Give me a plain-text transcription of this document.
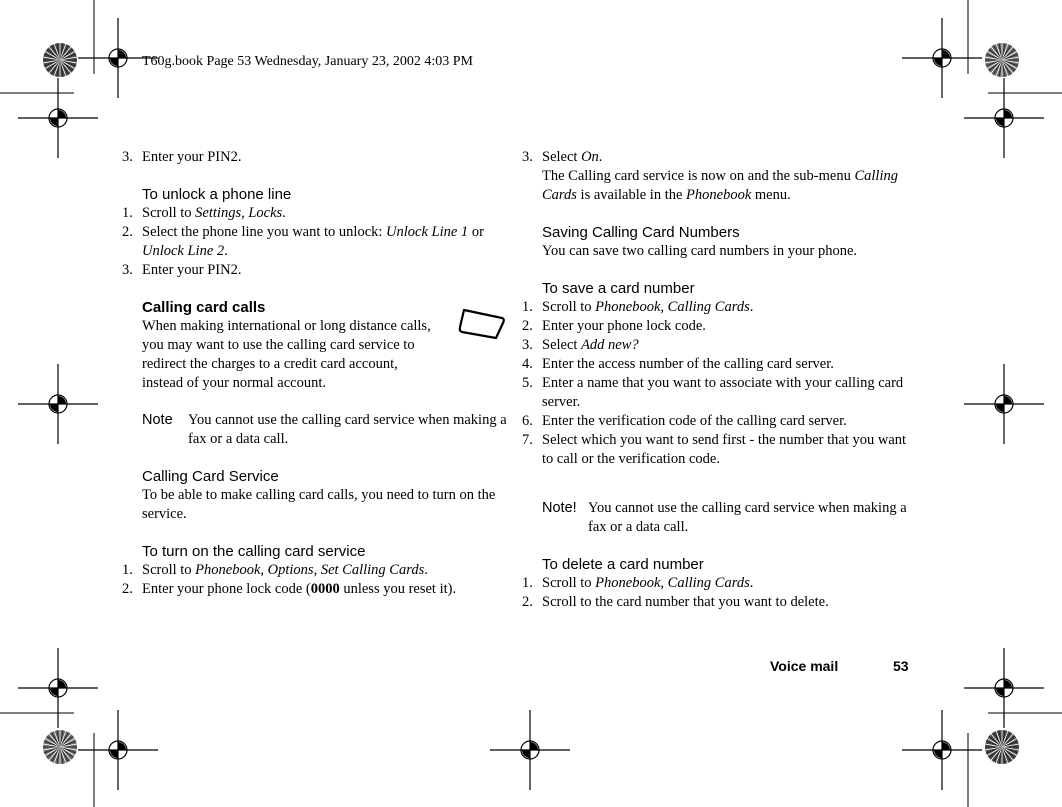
T60g.book Page 53 Wednesday, January 23, 2002 4:03 PM
3. Enter your PIN2.
To unlock a phone line
1. Scroll to Settings, Locks.
2. Select the phone line you want to unlock: Unlock Line 1 or Unlock Line 2.
3. Enter your PIN2.
Calling card calls
When making international or long distance calls, you may want to use the calling card service to redirect the charges to a credit card account, instead of your normal account.
Note	You cannot use the calling card service when making a fax or a data call.
Calling Card Service
To be able to make calling card calls, you need to turn on the service.
To turn on the calling card service
1. Scroll to Phonebook, Options, Set Calling Cards.
2. Enter your phone lock code (0000 unless you reset it).
3. Select On.
The Calling card service is now on and the sub-menu Calling Cards is available in the Phonebook menu.
Saving Calling Card Numbers
You can save two calling card numbers in your phone.
To save a card number
1. Scroll to Phonebook, Calling Cards.
2. Enter your phone lock code.
3. Select Add new?
4. Enter the access number of the calling card server.
5. Enter a name that you want to associate with your calling card server.
6. Enter the verification code of the calling card server.
7. Select which you want to send first - the number that you want to call or the verification code.
Note! You cannot use the calling card service when making a fax or a data call.
To delete a card number
1. Scroll to Phonebook, Calling Cards.
2. Scroll to the card number that you want to delete.
Voice mail	53
